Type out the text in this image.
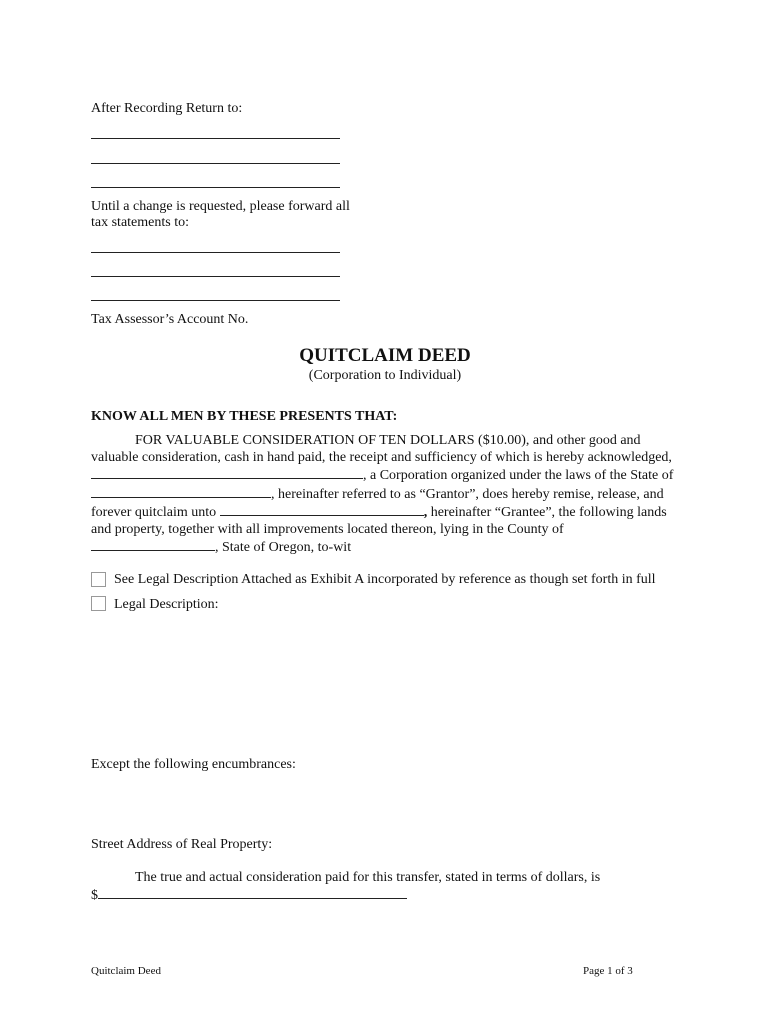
After Recording Return to:
Until a change is requested, please forward all
tax statements to:
Tax Assessor’s Account No.
QUITCLAIM DEED
(Corporation to Individual)
KNOW ALL MEN BY THESE PRESENTS THAT:
FOR VALUABLE CONSIDERATION OF TEN DOLLARS ($10.00), and other good and
valuable consideration, cash in hand paid, the receipt and sufficiency of which is hereby acknowledged,
, a Corporation organized under the laws of the State of
, hereinafter referred to as “Grantor”, does hereby remise, release, and
forever quitclaim unto	, hereinafter “Grantee”, the following lands
and property, together with all improvements located thereon, lying in the County of
, State of Oregon, to-wit
See Legal Description Attached as Exhibit A incorporated by reference as though set forth in full
Legal Description:
Except the following encumbrances:
Street Address of Real Property:
The true and actual consideration paid for this transfer, stated in terms of dollars, is
$
Quitclaim Deed	Page 1 of 3
